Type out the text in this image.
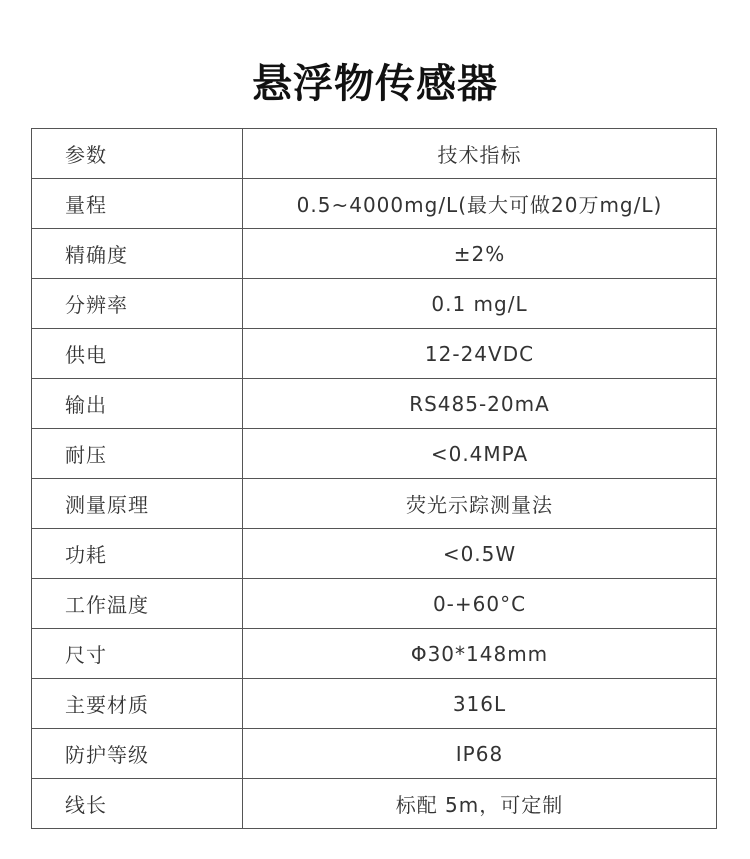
悬浮物传感器
参数	技术指标
量程	0.5~4000mg/L(最大可做20万mg/L)
精确度	±2%
分辨率	0.1 mg/L
供电	12-24VDC
输出	RS485-20mA
耐压	<0.4MPA
测量原理	荧光示踪测量法
功耗	<0.5W
工作温度	0-+60°C
尺寸	Φ30*148mm
主要材质	316L
防护等级	IP68
线长	标配 5m，可定制
